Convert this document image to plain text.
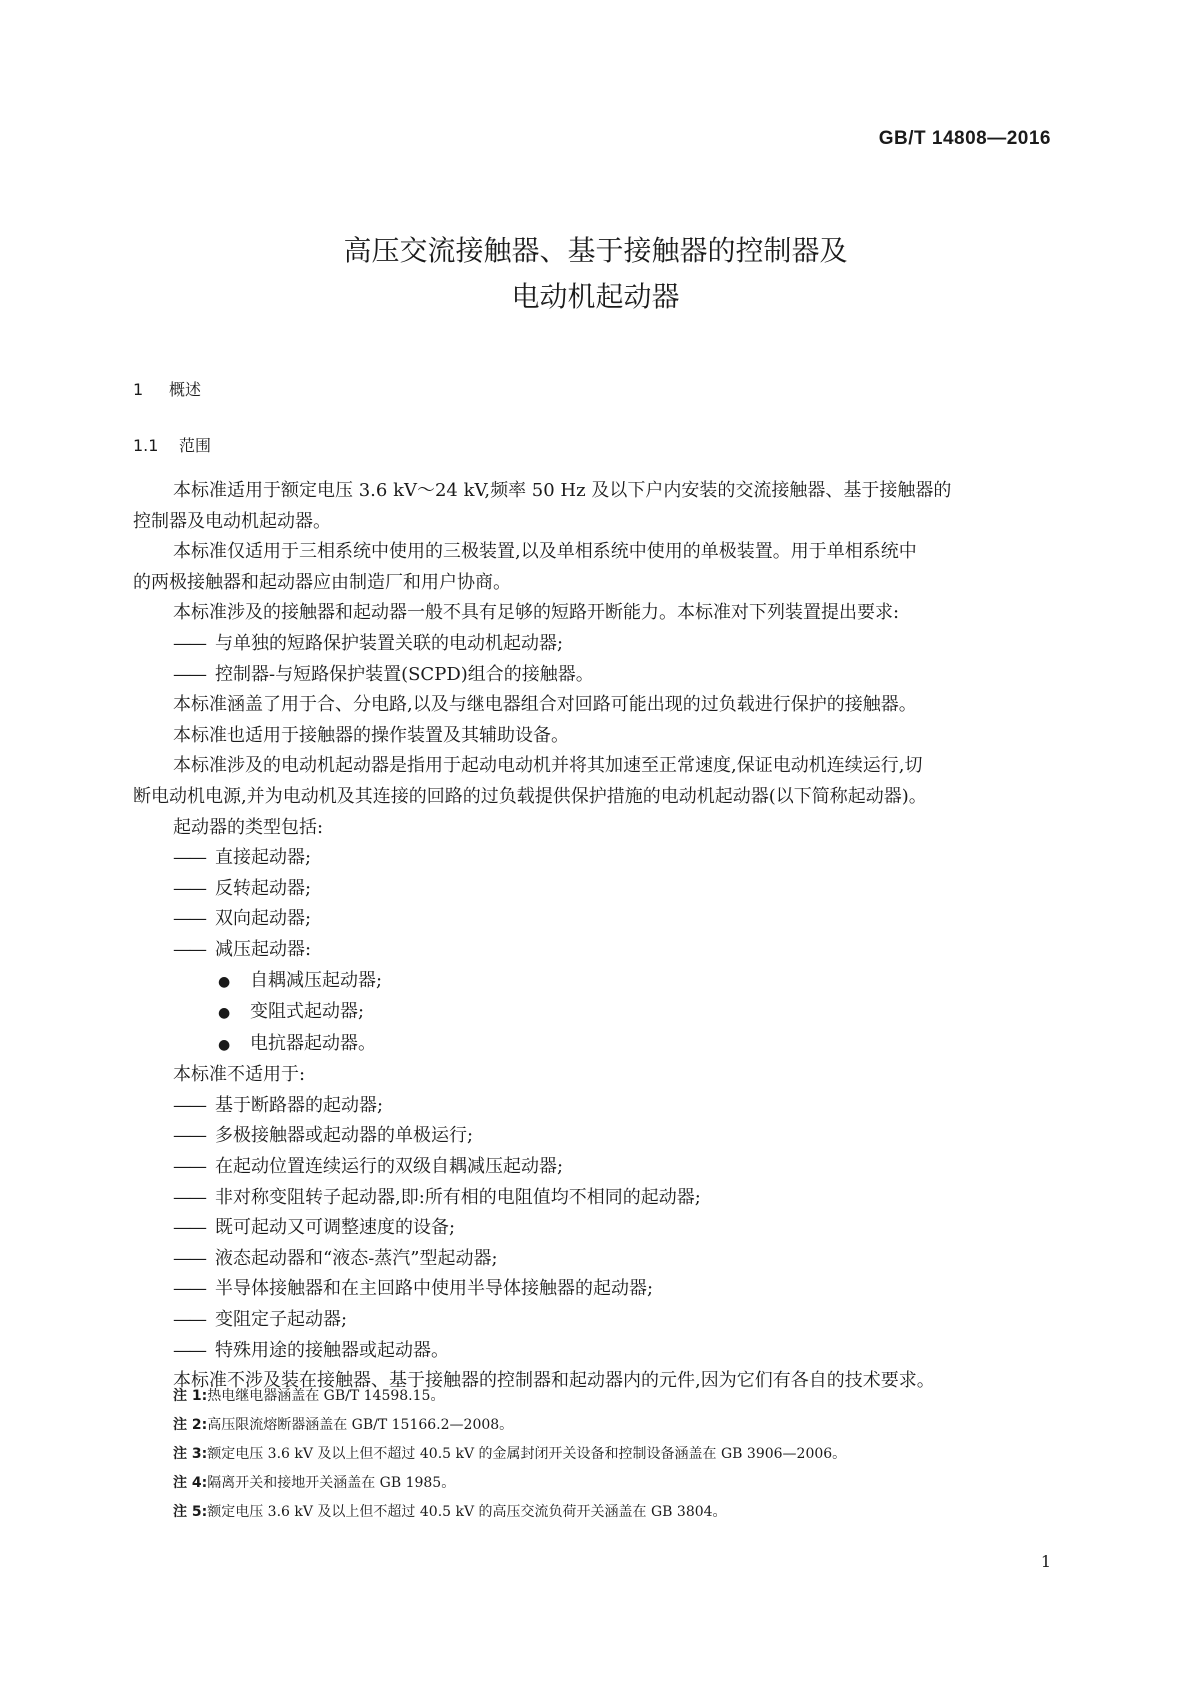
GB/T 14808—2016
高压交流接触器、基于接触器的控制器及
电动机起动器
1 概述
1.1 范围
本标准适用于额定电压 3.6 kV～24 kV,频率 50 Hz 及以下户内安装的交流接触器、基于接触器的
控制器及电动机起动器。
本标准仅适用于三相系统中使用的三极装置,以及单相系统中使用的单极装置。用于单相系统中
的两极接触器和起动器应由制造厂和用户协商。
本标准涉及的接触器和起动器一般不具有足够的短路开断能力。本标准对下列装置提出要求:
—— 与单独的短路保护装置关联的电动机起动器;
—— 控制器-与短路保护装置(SCPD)组合的接触器。
本标准涵盖了用于合、分电路,以及与继电器组合对回路可能出现的过负载进行保护的接触器。
本标准也适用于接触器的操作装置及其辅助设备。
本标准涉及的电动机起动器是指用于起动电动机并将其加速至正常速度,保证电动机连续运行,切
断电动机电源,并为电动机及其连接的回路的过负载提供保护措施的电动机起动器(以下简称起动器)。
起动器的类型包括:
—— 直接起动器;
—— 反转起动器;
—— 双向起动器;
—— 减压起动器:
● 自耦减压起动器;
● 变阻式起动器;
● 电抗器起动器。
本标准不适用于:
—— 基于断路器的起动器;
—— 多极接触器或起动器的单极运行;
—— 在起动位置连续运行的双级自耦减压起动器;
—— 非对称变阻转子起动器,即:所有相的电阻值均不相同的起动器;
—— 既可起动又可调整速度的设备;
—— 液态起动器和“液态-蒸汽”型起动器;
—— 半导体接触器和在主回路中使用半导体接触器的起动器;
—— 变阻定子起动器;
—— 特殊用途的接触器或起动器。
本标准不涉及装在接触器、基于接触器的控制器和起动器内的元件,因为它们有各自的技术要求。
注 1:热电继电器涵盖在 GB/T 14598.15。
注 2:高压限流熔断器涵盖在 GB/T 15166.2—2008。
注 3:额定电压 3.6 kV 及以上但不超过 40.5 kV 的金属封闭开关设备和控制设备涵盖在 GB 3906—2006。
注 4:隔离开关和接地开关涵盖在 GB 1985。
注 5:额定电压 3.6 kV 及以上但不超过 40.5 kV 的高压交流负荷开关涵盖在 GB 3804。
1
